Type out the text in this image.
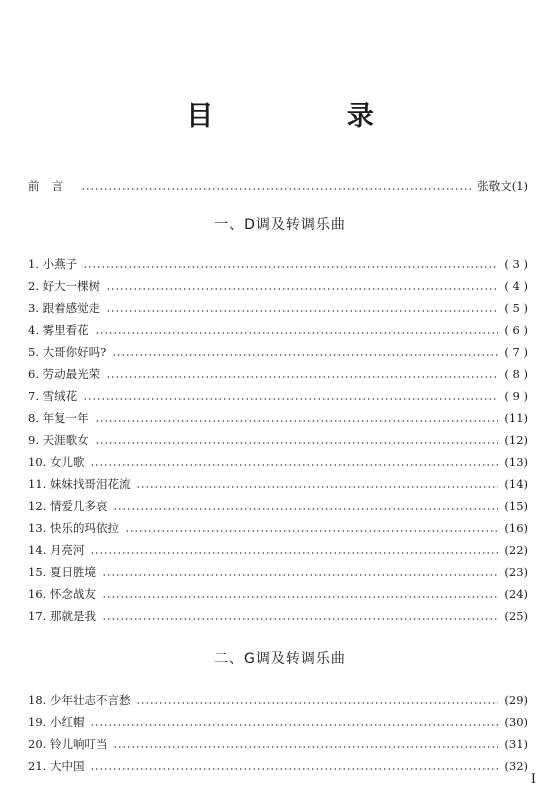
目 录
前言	张敬文(1)
一、D调及转调乐曲
1. 小燕子	( 3 )
2. 好大一棵树	( 4 )
3. 跟着感觉走	( 5 )
4. 雾里看花	( 6 )
5. 大哥你好吗?	( 7 )
6. 劳动最光荣	( 8 )
7. 雪绒花	( 9 )
8. 年复一年	(11)
9. 天涯歌女	(12)
10. 女儿歌	(13)
11. 妹妹找哥泪花流	(14)
12. 情爱几多哀	(15)
13. 快乐的玛依拉	(16)
14. 月亮河	(22)
15. 夏日胜境	(23)
16. 怀念战友	(24)
17. 那就是我	(25)
二、G调及转调乐曲
18. 少年壮志不言愁	(29)
19. 小红帽	(30)
20. 铃儿响叮当	(31)
21. 大中国	(32)
I
